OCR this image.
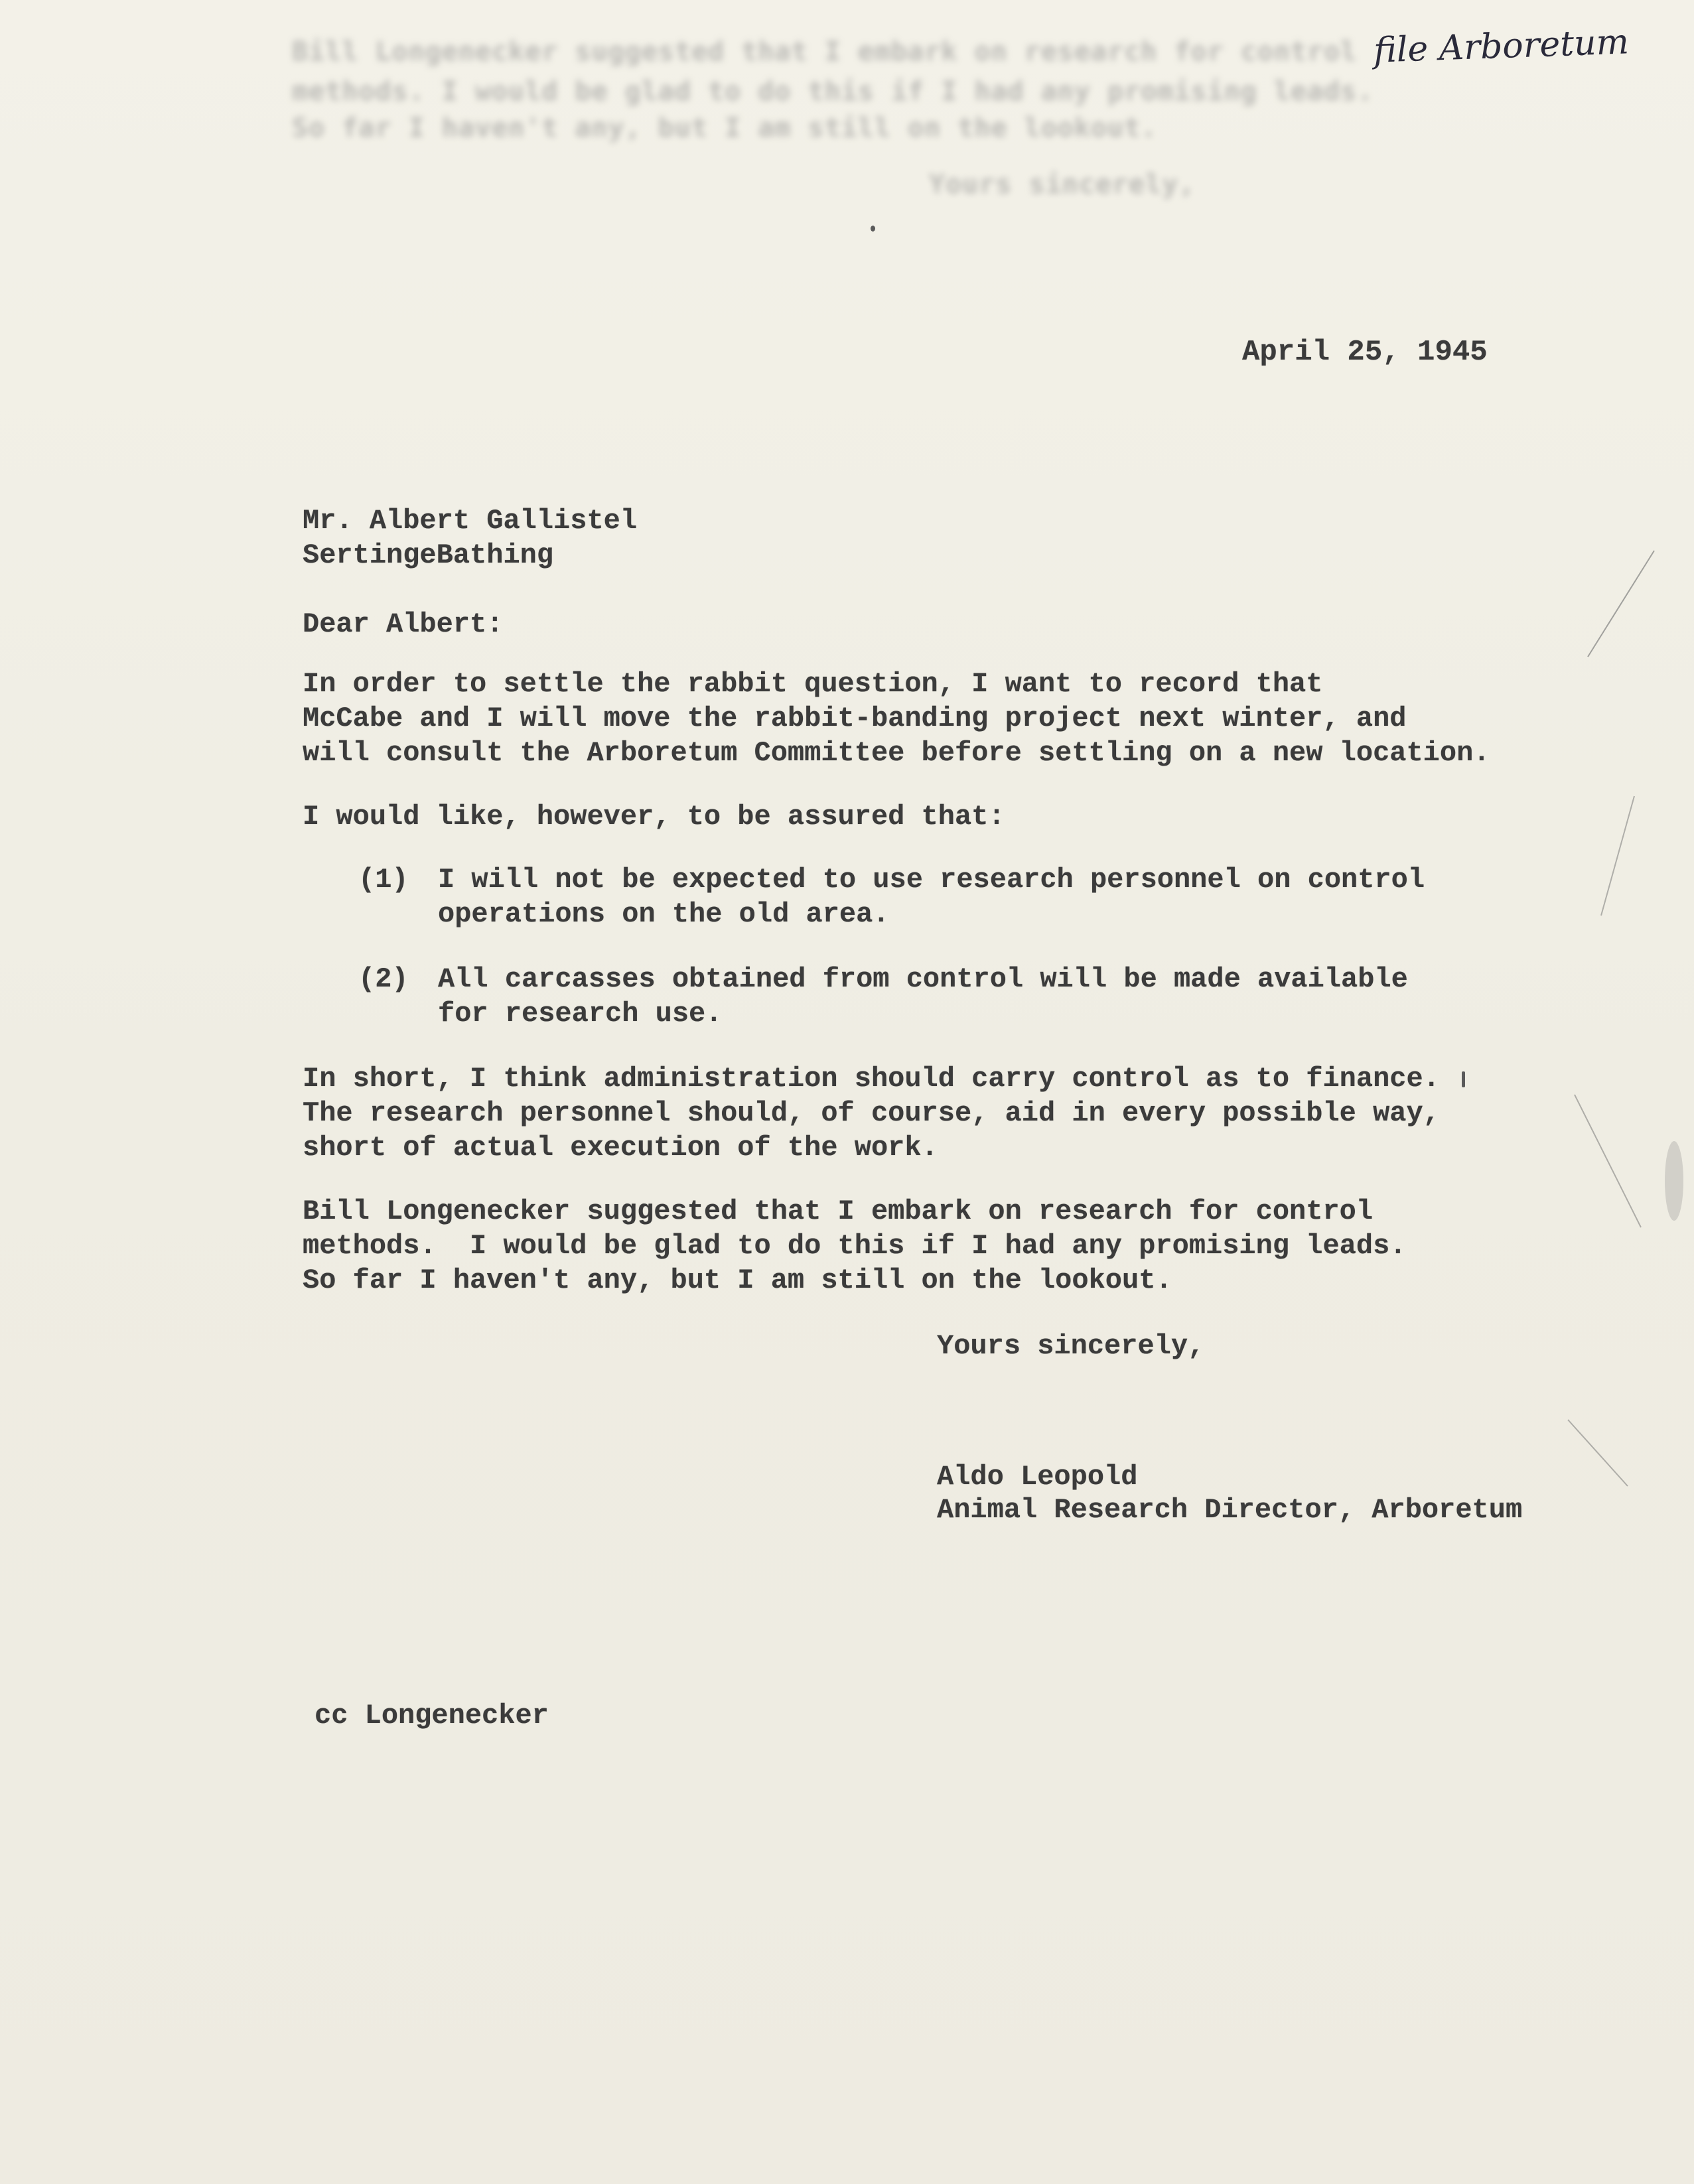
Bill Longenecker suggested that I embark on research for control
methods. I would be glad to do this if I had any promising leads.
So far I haven't any, but I am still on the lookout.
Yours sincerely,
file Arboretum
April 25, 1945
Mr. Albert Gallistel
SertingeBathing
Dear Albert:
In order to settle the rabbit question, I want to record that
McCabe and I will move the rabbit-banding project next winter, and
will consult the Arboretum Committee before settling on a new location.
I would like, however, to be assured that:
(1) I will not be expected to use research personnel on control
operations on the old area.
(2) All carcasses obtained from control will be made available
for research use.
In short, I think administration should carry control as to finance.
The research personnel should, of course, aid in every possible way,
short of actual execution of the work.
Bill Longenecker suggested that I embark on research for control
methods.  I would be glad to do this if I had any promising leads.
So far I haven't any, but I am still on the lookout.
Yours sincerely,
Aldo Leopold
Animal Research Director, Arboretum
cc Longenecker
